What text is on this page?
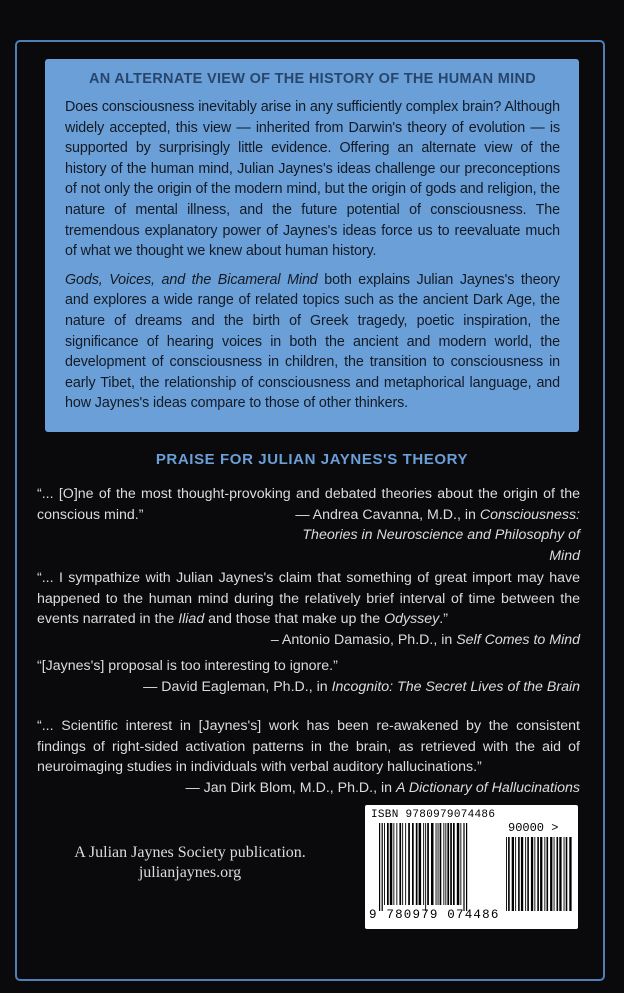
AN ALTERNATE VIEW OF THE HISTORY OF THE HUMAN MIND

Does consciousness inevitably arise in any sufficiently complex brain? Although widely accepted, this view — inherited from Darwin's theory of evolution — is supported by surprisingly little evidence. Offering an alternate view of the history of the human mind, Julian Jaynes's ideas challenge our preconceptions of not only the origin of the modern mind, but the origin of gods and religion, the nature of mental illness, and the future potential of consciousness. The tremendous explanatory power of Jaynes's ideas force us to reevaluate much of what we thought we knew about human history.

Gods, Voices, and the Bicameral Mind both explains Julian Jaynes's theory and explores a wide range of related topics such as the ancient Dark Age, the nature of dreams and the birth of Greek tragedy, poetic inspiration, the significance of hearing voices in both the ancient and modern world, the development of consciousness in children, the transition to consciousness in early Tibet, the relationship of consciousness and metaphorical language, and how Jaynes's ideas compare to those of other thinkers.

PRAISE FOR JULIAN JAYNES'S THEORY
“... [O]ne of the most thought-provoking and debated theories about the origin of the conscious mind.”	— Andrea Cavanna, M.D., in Consciousness: Theories in Neuroscience and Philosophy of Mind
“... I sympathize with Julian Jaynes's claim that something of great import may have happened to the human mind during the relatively brief interval of time between the events narrated in the Iliad and those that make up the Odyssey.”
– Antonio Damasio, Ph.D., in Self Comes to Mind
“[Jaynes's] proposal is too interesting to ignore.”
— David Eagleman, Ph.D., in Incognito: The Secret Lives of the Brain
“... Scientific interest in [Jaynes's] work has been re-awakened by the consistent findings of right-sided activation patterns in the brain, as retrieved with the aid of neuroimaging studies in individuals with verbal auditory hallucinations.”
— Jan Dirk Blom, M.D., Ph.D., in A Dictionary of Hallucinations
A Julian Jaynes Society publication.
julianjaynes.org
ISBN 9780979074486
90000 >
9 780979 074486
